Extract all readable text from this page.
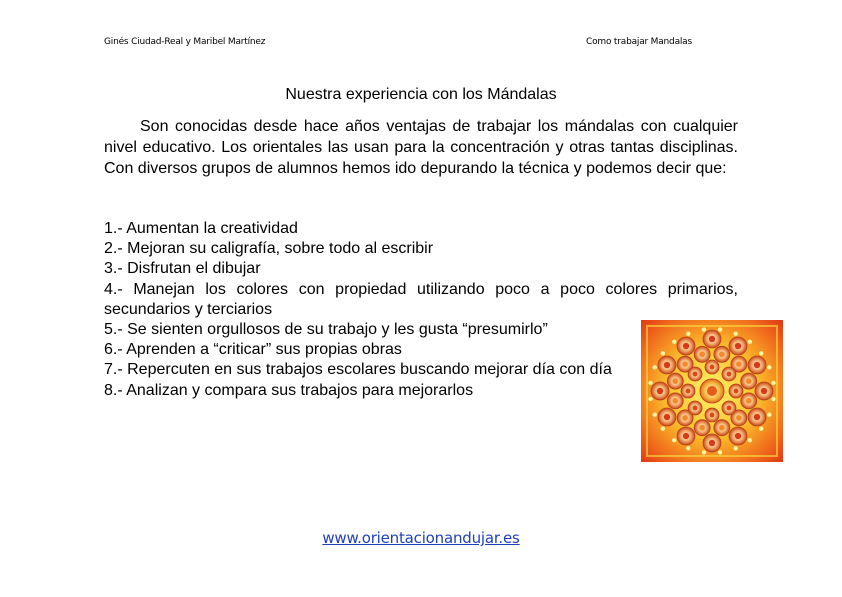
Ginés Ciudad-Real y Maribel Martínez	Como trabajar Mandalas
Nuestra experiencia con los Mándalas

Son conocidas desde hace años ventajas de trabajar los mándalas con cualquier nivel educativo. Los orientales las usan para la concentración y otras tantas disciplinas. Con diversos grupos de alumnos hemos ido depurando la técnica y podemos decir que:

1.- Aumentan la creatividad
2.- Mejoran su caligrafía, sobre todo al escribir
3.- Disfrutan el dibujar
4.- Manejan los colores con propiedad utilizando poco a poco colores primarios, secundarios y terciarios
5.- Se sienten orgullosos de su trabajo y les gusta “presumirlo”
6.- Aprenden a “criticar” sus propias obras
7.- Repercuten en sus trabajos escolares buscando mejorar día con día
8.- Analizan y compara sus trabajos para mejorarlos
www.orientacionandujar.es
